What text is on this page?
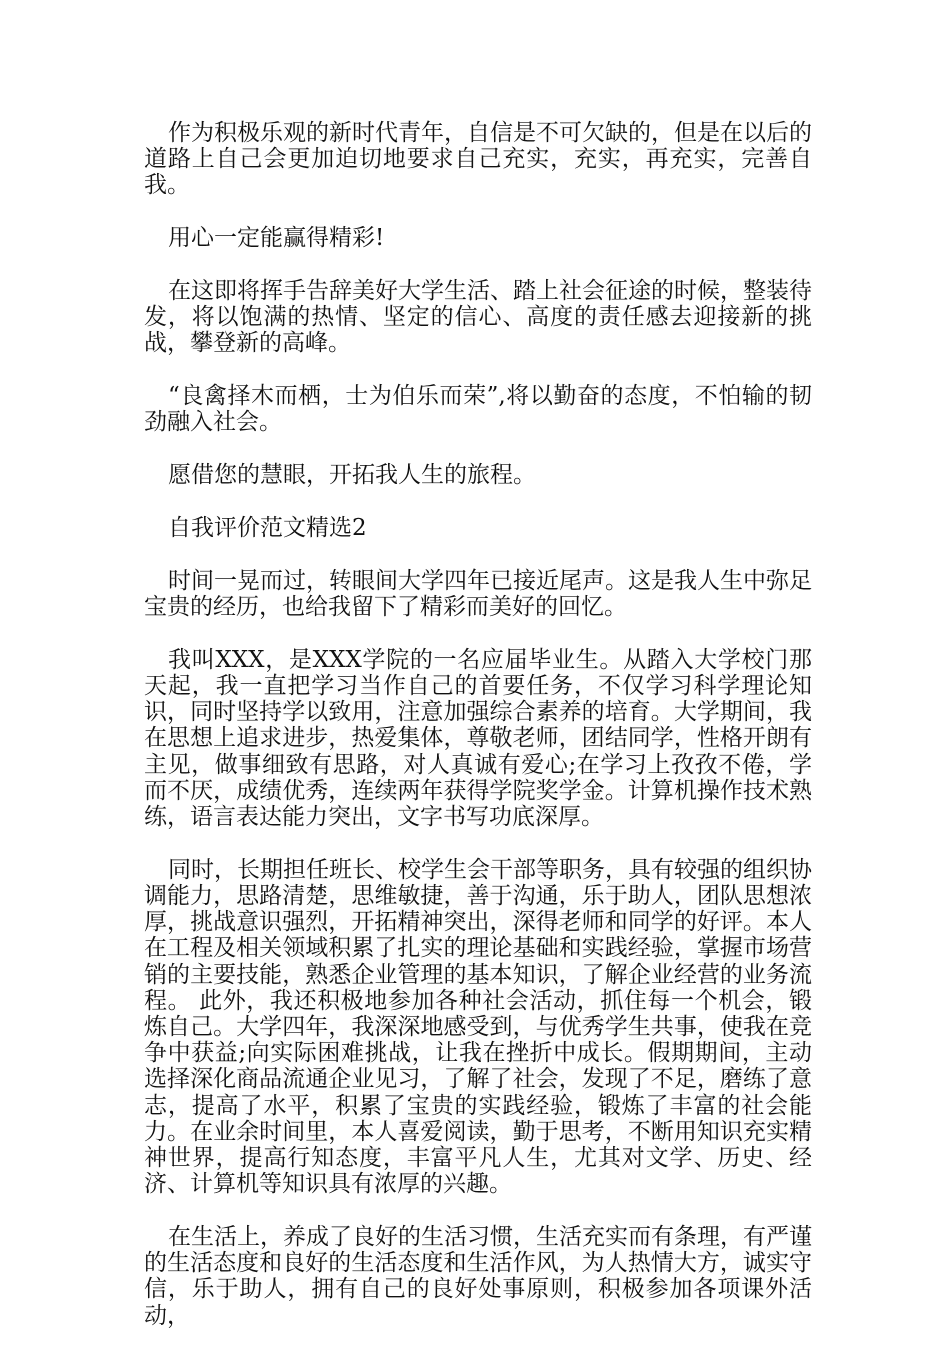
作为积极乐观的新时代青年，自信是不可欠缺的，但是在以后的道路上自己会更加迫切地要求自己充实，充实，再充实，完善自我。

用心一定能赢得精彩!

在这即将挥手告辞美好大学生活、踏上社会征途的时候，整装待发，将以饱满的热情、坚定的信心、高度的责任感去迎接新的挑战，攀登新的高峰。

“良禽择木而栖，士为伯乐而荣”,将以勤奋的态度，不怕输的韧劲融入社会。

愿借您的慧眼，开拓我人生的旅程。

自我评价范文精选2

时间一晃而过，转眼间大学四年已接近尾声。这是我人生中弥足宝贵的经历，也给我留下了精彩而美好的回忆。

我叫XXX，是XXX学院的一名应届毕业生。从踏入大学校门那天起，我一直把学习当作自己的首要任务，不仅学习科学理论知识，同时坚持学以致用，注意加强综合素养的培育。大学期间，我在思想上追求进步，热爱集体，尊敬老师，团结同学，性格开朗有主见，做事细致有思路，对人真诚有爱心;在学习上孜孜不倦，学而不厌，成绩优秀，连续两年获得学院奖学金。计算机操作技术熟练，语言表达能力突出，文字书写功底深厚。

同时，长期担任班长、校学生会干部等职务，具有较强的组织协调能力，思路清楚，思维敏捷，善于沟通，乐于助人，团队思想浓厚，挑战意识强烈，开拓精神突出，深得老师和同学的好评。本人在工程及相关领域积累了扎实的理论基础和实践经验，掌握市场营销的主要技能，熟悉企业管理的基本知识，了解企业经营的业务流程。 此外，我还积极地参加各种社会活动，抓住每一个机会，锻炼自己。大学四年，我深深地感受到，与优秀学生共事，使我在竞争中获益;向实际困难挑战，让我在挫折中成长。假期期间，主动选择深化商品流通企业见习，了解了社会，发现了不足，磨练了意志，提高了水平，积累了宝贵的实践经验，锻炼了丰富的社会能力。在业余时间里，本人喜爱阅读，勤于思考，不断用知识充实精神世界，提高行知态度，丰富平凡人生，尤其对文学、历史、经济、计算机等知识具有浓厚的兴趣。

在生活上，养成了良好的生活习惯，生活充实而有条理，有严谨的生活态度和良好的生活态度和生活作风，为人热情大方，诚实守信，乐于助人，拥有自己的良好处事原则，积极参加各项课外活动，
